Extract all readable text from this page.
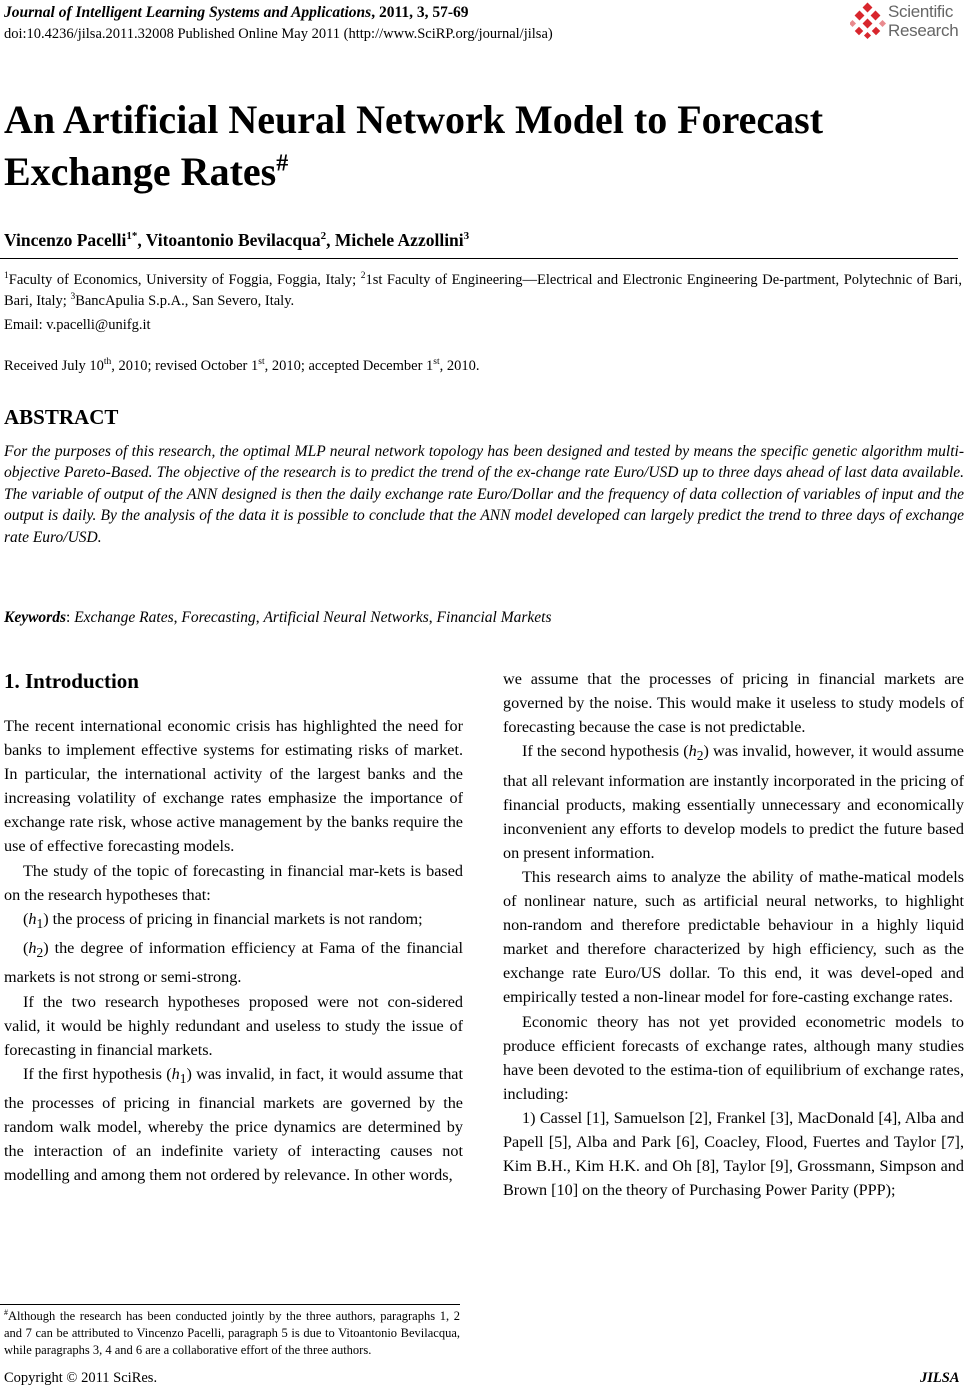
Journal of Intelligent Learning Systems and Applications, 2011, 3, 57-69
doi:10.4236/jilsa.2011.32008 Published Online May 2011 (http://www.SciRP.org/journal/jilsa)
Scientific
Research
An Artificial Neural Network Model to Forecast
Exchange Rates#
Vincenzo Pacelli$^{1*}$, Vitoantonio Bevilacqua$^2$, Michele Azzollini$^3$
$^1$Faculty of Economics, University of Foggia, Foggia, Italy; $^2$1st Faculty of Engineering—Electrical and Electronic Engineering De-partment, Polytechnic of Bari, Bari, Italy; $^3$BancApulia S.p.A., San Severo, Italy.
Email: v.pacelli@unifg.it
Received July 10th, 2010; revised October 1st, 2010; accepted December 1st, 2010.
ABSTRACT
For the purposes of this research, the optimal MLP neural network topology has been designed and tested by means the specific genetic algorithm multi-objective Pareto-Based. The objective of the research is to predict the trend of the ex-change rate Euro/USD up to three days ahead of last data available. The variable of output of the ANN designed is then the daily exchange rate Euro/Dollar and the frequency of data collection of variables of input and the output is daily. By the analysis of the data it is possible to conclude that the ANN model developed can largely predict the trend to three days of exchange rate Euro/USD.
Keywords: Exchange Rates, Forecasting, Artificial Neural Networks, Financial Markets
1. Introduction

The recent international economic crisis has highlighted the need for banks to implement effective systems for estimating risks of market. In particular, the international activity of the largest banks and the increasing volatility of exchange rates emphasize the importance of exchange rate risk, whose active management by the banks require the use of effective forecasting models.

The study of the topic of forecasting in financial mar-kets is based on the research hypotheses that:

$(h_1)$ the process of pricing in financial markets is not random;

$(h_2)$ the degree of information efficiency at Fama of the financial markets is not strong or semi-strong.

If the two research hypotheses proposed were not con-sidered valid, it would be highly redundant and useless to study the issue of forecasting in financial markets.

If the first hypothesis $(h_1)$ was invalid, in fact, it would assume that the processes of pricing in financial markets are governed by the random walk model, whereby the price dynamics are determined by the interaction of an indefinite variety of interacting causes not modelling and among them not ordered by relevance. In other words,

we assume that the processes of pricing in financial markets are governed by the noise. This would make it useless to study models of forecasting because the case is not predictable.

If the second hypothesis $(h_2)$ was invalid, however, it would assume that all relevant information are instantly incorporated in the pricing of financial products, making essentially unnecessary and economically inconvenient any efforts to develop models to predict the future based on present information.

This research aims to analyze the ability of mathe-matical models of nonlinear nature, such as artificial neural networks, to highlight non-random and therefore predictable behaviour in a highly liquid market and therefore characterized by high efficiency, such as the exchange rate Euro/US dollar. To this end, it was devel-oped and empirically tested a non-linear model for fore-casting exchange rates.

Economic theory has not yet provided econometric models to produce efficient forecasts of exchange rates, although many studies have been devoted to the estima-tion of equilibrium of exchange rates, including:

1) Cassel [1], Samuelson [2], Frankel [3], MacDonald [4], Alba and Papell [5], Alba and Park [6], Coacley, Flood, Fuertes and Taylor [7], Kim B.H., Kim H.K. and Oh [8], Taylor [9], Grossmann, Simpson and Brown [10] on the theory of Purchasing Power Parity (PPP);

#Although the research has been conducted jointly by the three authors, paragraphs 1, 2 and 7 can be attributed to Vincenzo Pacelli, paragraph 5 is due to Vitoantonio Bevilacqua, while paragraphs 3, 4 and 6 are a collaborative effort of the three authors.
Copyright © 2011 SciRes.	JILSA
